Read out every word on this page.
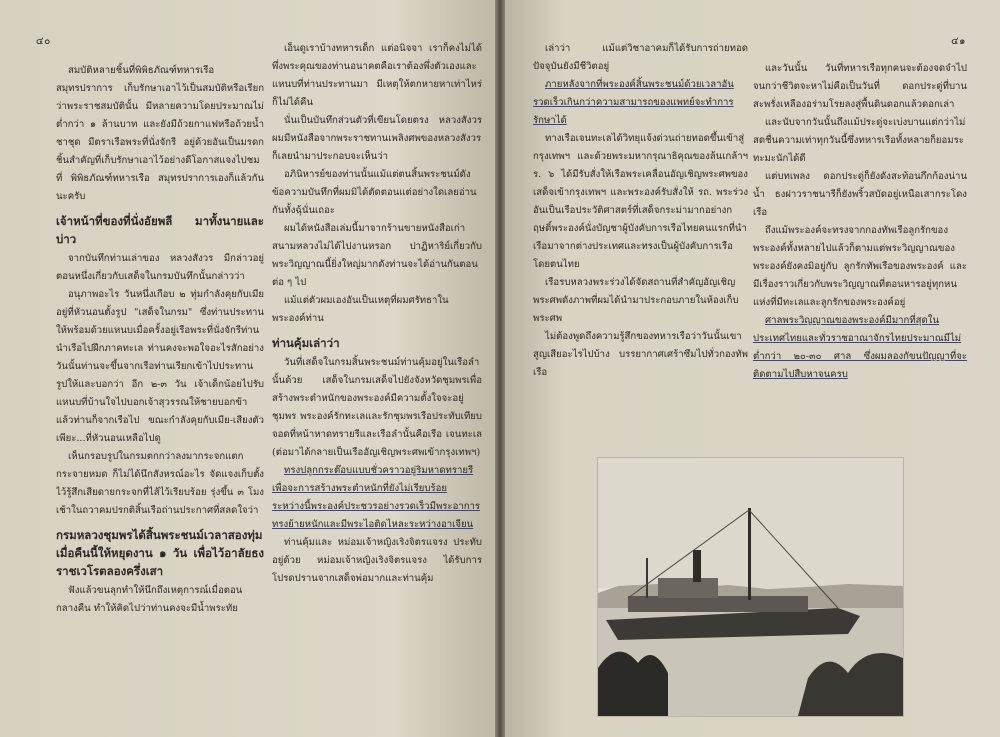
๔๐

สมบัติหลายชิ้นที่พิพิธภัณฑ์ทหารเรือ สมุทรปราการ เก็บรักษาเอาไว้เป็นสมบัติหรือเรียกว่าพระราชสมบัตินั้น มีหลายความโดยประมาณไม่ต่ำกว่า ๑ ล้านบาท และยังมีถ้วยกาแฟหรือถ้วยน้ำชาชุด มีตราเรือพระที่นั่งจักรี อยู่ด้วยอันเป็นมรดกชิ้นสำคัญที่เก็บรักษาเอาไว้อย่างดีโอกาสแจงไปชมที่ พิพิธภัณฑ์ทหารเรือ สมุทรปราการเองก็แล้วกันนะครับ

เจ้าหน้าที่ของที่นั่งอัยพลี มาทั้งนายและบ่าว

จากบันทึกท่านเล่าของ หลวงสังวร มีกล่าวอยู่ตอนหนึ่งเกี่ยวกับเสด็จในกรมบันทึกนั้นกล่าวว่า

อนุภาพอะไร วันหนึ่งเกือบ ๒ ทุ่มกำลังคุยกับเมียอยู่ที่หัวนอนตั้งรูป "เสด็จในกรม" ซึ่งท่านประทานให้พร้อมด้วยแหนบเมื่อครั้งอยู่เรือพระที่นั่งจักรีท่านนำเรือไปฝึกภาคทะเล ท่านคงจะพอใจอะไรสักอย่างวันนั้นท่านจะขึ้นจากเรือท่านเรียกเข้าไปประทานรูปให้และบอกว่า อีก ๒-๓ วัน เจ้าเด็กน้อยไปรับแหนบที่บ้านใจไปบอกเจ้าสุวรรณให้ชายบอกข้า แล้วท่านก็จากเรือไป ขณะกำลังคุยกับเมีย-เสียงตัวเพียะ...ที่หัวนอนเหลือไปดู

เห็นกรอบรูปในกรมตกกว่าลงมากระจกแตกกระจายหมด ก็ไม่ได้นึกสังหรณ์อะไร จัดแจงเก็บตั้งไว้รู้สึกเสียดายกระจกที่ไส้ไว้เรียบร้อย รุ่งขึ้น ๓ โมงเช้าในถวาคมปรกติสิ้นเรือถ่านประกาศที่สลดใจว่า

กรมหลวงชุมพรได้สิ้นพระชนม์เวลาสองทุ่มเมื่อคืนนี้ให้หยุดงาน ๑ วัน เพื่อไว้อาลัยธงราชเวโรตลองครึ่งเสา

ฟังแล้วขนลุกทำให้นึกถึงเหตุการณ์เมื่อตอนกลางคืน ทำให้คิดไปว่าท่านคงจะมีน้ำพระทัย

เอ็นดูเราบ้างทหารเด็ก แต่อนิจจา เราก็คงไม่ได้พึ่งพระคุณของท่านอนาคตคือเราต้องพึ่งตัวเองและแหนบที่ท่านประทานมา มีเหตุให้ตกหายหาเท่าไหร่ก็ไม่ได้คืน

นั่นเป็นบันทึกส่วนตัวที่เขียนโดยตรง หลวงสังวร ผมมีหนังสือจากพระราชทานเพลิงศพของหลวงสังวร ก็เลยนำมาประกอบจะเห็นว่า

อภินิหารย์ของท่านนั้นแม้แต่ตนสิ้นพระชนม์ดังข้อความบันทึกที่ผมมิได้ตัดตอนแต่อย่างใดเลยอ่านกันทั้งฉุ้นั่นเถอะ

ผมได้หนังสือเล่มนี้มาจากร้านขายหนังสือเก่าสนามหลวงไม่ได้ไปงานหรอก ปาฏิหาริย์เกี่ยวกับพระวิญญาณนี้ยิ่งใหญ่มากดังท่านจะได้อ่านกันตอนต่อ ๆ ไป

แม้แต่ตัวผมเองอันเป็นเหตุที่ผมศรัทธาในพระองค์ท่าน

ท่านคุ้มเล่าว่า

วันที่เสด็จในกรมสิ้นพระชนม์ท่านคุ้มอยู่ในเรือลำนั้นด้วย เสด็จในกรมเสด็จไปยังจังหวัดชุมพรเพื่อ สร้างพระตำหนักของพระองค์มีความตั้งใจจะอยู่ชุมพร พระองค์รักทะเลและรักชุมพรเรือประทับเทียบจอดที่หน้าหาดทรายรีและเรือลำนั้นคือเรือ เจนทะเล (ต่อมาได้กลายเป็นเรืออัญเชิญพระศพเข้ากรุงเทพฯ)

ทรงปลูกกระต๊อบแบบชั่วคราวอยู่ริมหาดทรายรี เพื่อจะการสร้างพระตำหนักที่ยังไม่เรียบร้อย ระหว่างนี้พระองค์ประชวรอย่างรวดเร็วมีพระอาการ ทรงย้ายหนักและมีพระไอติดไหละระหว่างอาเจียน

ท่านคุ้มและ หม่อมเจ้าหญิงเริงจิตรแจรง ประทับอยู่ด้วย หม่อมเจ้าหญิงเริงจิตรแจรง ได้รับการโปรดปรานจากเสด็จพ่อมากและท่านคุ้ม

๔๑

เล่าว่า แม้แต่วิชาอาคมก็ได้รับการถ่ายทอด ปัจจุบันยังมีชีวิตอยู่

ภายหลังจากที่พระองค์สิ้นพระชนม์ด้วยเวลาอันรวดเร็วเกินกว่าความสามารถของแพทย์จะทำการรักษาได้

ทางเรือเจนทะเลได้วิทยุแจ้งด่วนถ่ายทอดขึ้นเข้าสู่กรุงเทพฯ และด้วยพระมหากรุณาธิคุณของล้นเกล้าฯ ร. ๖ ได้มีรับสั่งให้เรือพระเคลื่อนอัญเชิญพระศพของเสด็จเข้ากรุงเทพฯ และพระองค์รับสั่งให้ รถ. พระร่วง อันเป็นเรือประวัติศาสตร์ที่เสด็จกระม่ามากอย่างกฤษดิ์พระองค์นั่งบัญชาผู้บังคับการเรือไทยคนแรกที่นำเรือมาจากต่างประเทศและทรงเป็นผู้บังคับการเรือโดยตนไทย

เรือรบหลวงพระร่วงได้จัดสถานที่สำคัญอัญเชิญพระศพดังภาพที่ผมได้นำมาประกอบภายในห้องเก็บพระศพ

ไม่ต้องพูดถึงความรู้สึกของทหารเรือว่าวันนั้นเขาสูญเสียอะไรไปบ้าง บรรยากาศเศร้าซึมไปทั่วกองทัพเรือ

และวันนั้น วันที่ทหารเรือทุกคนจะต้องจดจำไปจนกว่าชีวิตจะหาไม่คือเป็นวันที่ ดอกประดู่ที่บานสะพรั่งเหลืองอร่ามโรยลงสู่พื้นดินดอกแล้วดอกเล่า

และนับจากวันนั้นถึงแม้ประดู่จะเบ่งบานแต่กว่าไม่สดชื่นความเท่าทุกวันนี้ซึ่งทหารเรือทั้งหลายก็ยอมระทะมะนักได้ดี

แต่บทเพลง ดอกประดู่ก็ยังดังสะท้อนกึกก้องน่านน้ำ ธงฝาวราชนารีก็ยังพริ้วสบัดอยู่เหนือเสากระโดงเรือ

ถึงแม้พระองค์จะทรงจากกองทัพเรือลูกรักของพระองค์ทั้งหลายไปแล้วก็ตามแต่พระวิญญาณของพระองค์ยังคงมิอยู่กับ ลูกรักทัพเรือของพระองค์ และมีเรื่องราวเกี่ยวกับพระวิญญาณที่ตอนหารอยู่ทุกหนแห่งที่มีทะเลและลูกรักของพระองค์อยู่

ศาลพระวิญญาณของพระองค์มีมากที่สุดในประเทศไทยและทั่วราชอาณาจักรไทยประมาณมีไม่ต่ำกว่า ๒๐-๓๐ ศาล ซึ่งผมลองกัขนปัญญาที่จะติดตามไปสืบหาจนครบ
